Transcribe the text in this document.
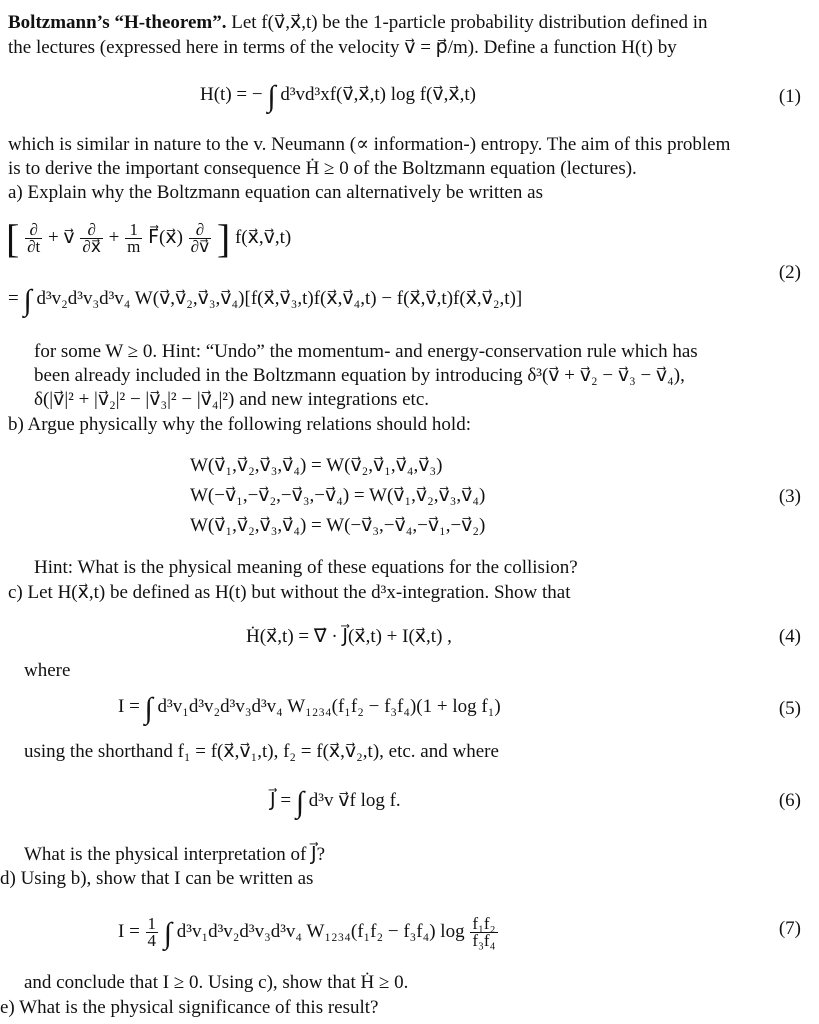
Boltzmann’s “H-theorem”. Let f(v⃗,x⃗,t) be the 1-particle probability distribution defined in
the lectures (expressed here in terms of the velocity v⃗ = p⃗/m). Define a function H(t) by
H(t) = − ∫ d³vd³xf(v⃗,x⃗,t) log f(v⃗,x⃗,t)	(1)
which is similar in nature to the v. Neumann (∝ information-) entropy. The aim of this problem
is to derive the important consequence Ḣ ≥ 0 of the Boltzmann equation (lectures).
a) Explain why the Boltzmann equation can alternatively be written as
[ $\frac{\partial}{\partial t}$ + v⃗ $\frac{\partial}{\partial x⃗} + \frac{1}{m}$ F⃗(x⃗) $\frac{\partial}{\partial v⃗}$ ] f(x⃗,v⃗,t)
(2)
= ∫ d³v₂d³v₃d³v₄ W(v⃗,v⃗₂,v⃗₃,v⃗₄)[f(x⃗,v⃗₃,t)f(x⃗,v⃗₄,t) − f(x⃗,v⃗,t)f(x⃗,v⃗₂,t)]
for some W ≥ 0. Hint: “Undo” the momentum- and energy-conservation rule which has
been already included in the Boltzmann equation by introducing δ³(v⃗ + v⃗₂ − v⃗₃ − v⃗₄),
δ(|v⃗|² + |v⃗₂|² − |v⃗₃|² − |v⃗₄|²) and new integrations etc.
b) Argue physically why the following relations should hold:
W(v⃗₁,v⃗₂,v⃗₃,v⃗₄) = W(v⃗₂,v⃗₁,v⃗₄,v⃗₃)
W(−v⃗₁,−v⃗₂,−v⃗₃,−v⃗₄) = W(v⃗₁,v⃗₂,v⃗₃,v⃗₄)
W(v⃗₁,v⃗₂,v⃗₃,v⃗₄) = W(−v⃗₃,−v⃗₄,−v⃗₁,−v⃗₂)
(3)
Hint: What is the physical meaning of these equations for the collision?
c) Let H(x⃗,t) be defined as H(t) but without the d³x-integration. Show that
Ḣ(x⃗,t) = ∇⃗ · J⃗(x⃗,t) + I(x⃗,t) ,	(4)
where
I = ∫ d³v₁d³v₂d³v₃d³v₄ W₁₂₃₄(f₁f₂ − f₃f₄)(1 + log f₁)	(5)
using the shorthand f₁ = f(x⃗,v⃗₁,t), f₂ = f(x⃗,v⃗₂,t), etc. and where
J⃗ = ∫ d³v v⃗f log f.	(6)
What is the physical interpretation of J⃗?
d) Using b), show that I can be written as
$I = \frac{1}{4}$ ∫ d³v₁d³v₂d³v₃d³v₄ W₁₂₃₄(f₁f₂ − f₃f₄) $\log \frac{\text{f₁f₂}}{\text{f₃f₄}}$	(7)
and conclude that I ≥ 0. Using c), show that Ḣ ≥ 0.
e) What is the physical significance of this result?
